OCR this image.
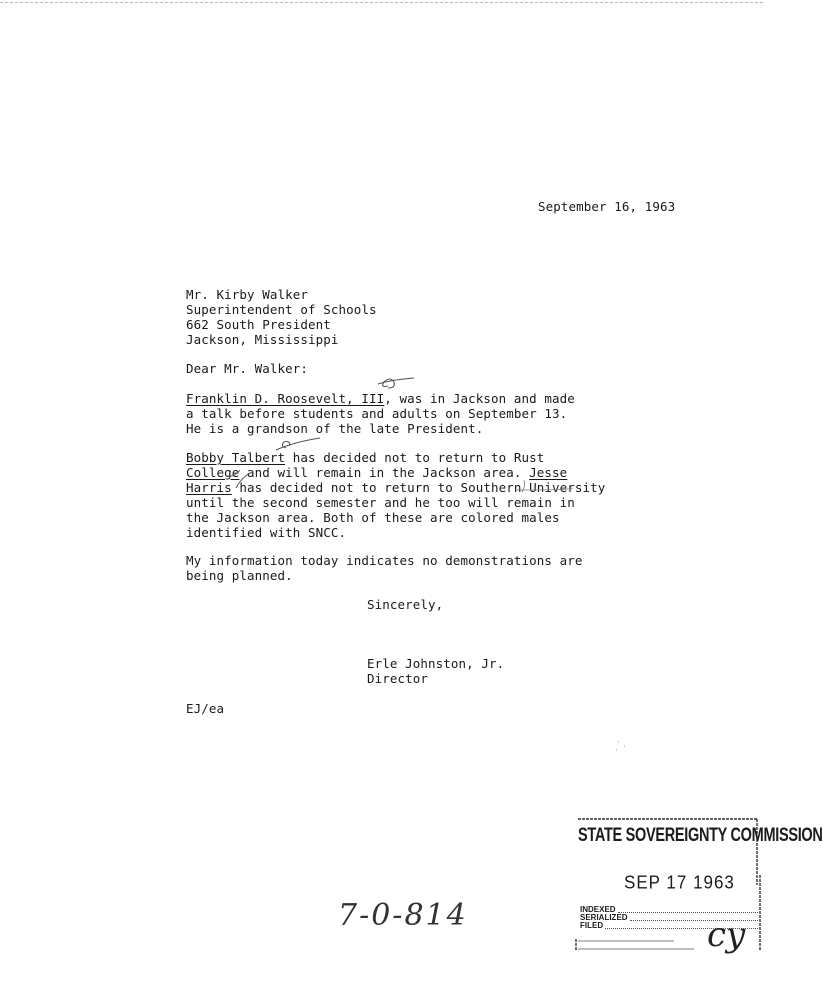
September 16, 1963
Mr. Kirby Walker
Superintendent of Schools
662 South President
Jackson, Mississippi
Dear Mr. Walker:
Franklin D. Roosevelt, III, was in Jackson and made
a talk before students and adults on September 13.
He is a grandson of the late President.
Bobby Talbert has decided not to return to Rust
College and will remain in the Jackson area. Jesse
Harris has decided not to return to Southern University
until the second semester and he too will remain in
the Jackson area. Both of these are colored males
identified with SNCC.
My information today indicates no demonstrations are
being planned.
Sincerely,
Erle Johnston, Jr.
Director
EJ/ea
7-0-814
STATE SOVEREIGNTY COMMISSION
SEP 17 1963
INDEXED
SERIALIZED
FILED	cy
